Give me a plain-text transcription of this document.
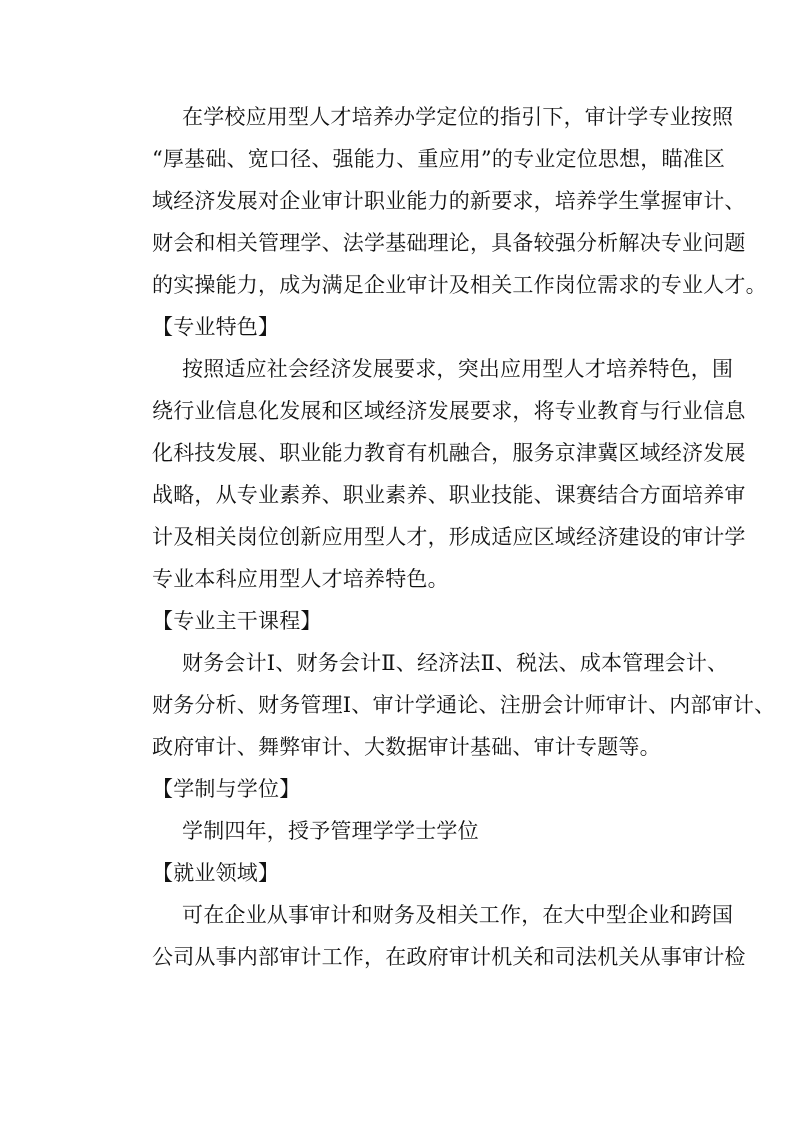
在学校应用型人才培养办学定位的指引下，审计学专业按照
“厚基础、宽口径、强能力、重应用”的专业定位思想，瞄准区
域经济发展对企业审计职业能力的新要求，培养学生掌握审计、
财会和相关管理学、法学基础理论，具备较强分析解决专业问题
的实操能力，成为满足企业审计及相关工作岗位需求的专业人才。
【专业特色】
按照适应社会经济发展要求，突出应用型人才培养特色，围
绕行业信息化发展和区域经济发展要求，将专业教育与行业信息
化科技发展、职业能力教育有机融合，服务京津冀区域经济发展
战略，从专业素养、职业素养、职业技能、课赛结合方面培养审
计及相关岗位创新应用型人才，形成适应区域经济建设的审计学
专业本科应用型人才培养特色。
【专业主干课程】
财务会计Ⅰ、财务会计Ⅱ、经济法Ⅱ、税法、成本管理会计、
财务分析、财务管理Ⅰ、审计学通论、注册会计师审计、内部审计、
政府审计、舞弊审计、大数据审计基础、审计专题等。
【学制与学位】
学制四年，授予管理学学士学位
【就业领域】
可在企业从事审计和财务及相关工作，在大中型企业和跨国
公司从事内部审计工作，在政府审计机关和司法机关从事审计检
